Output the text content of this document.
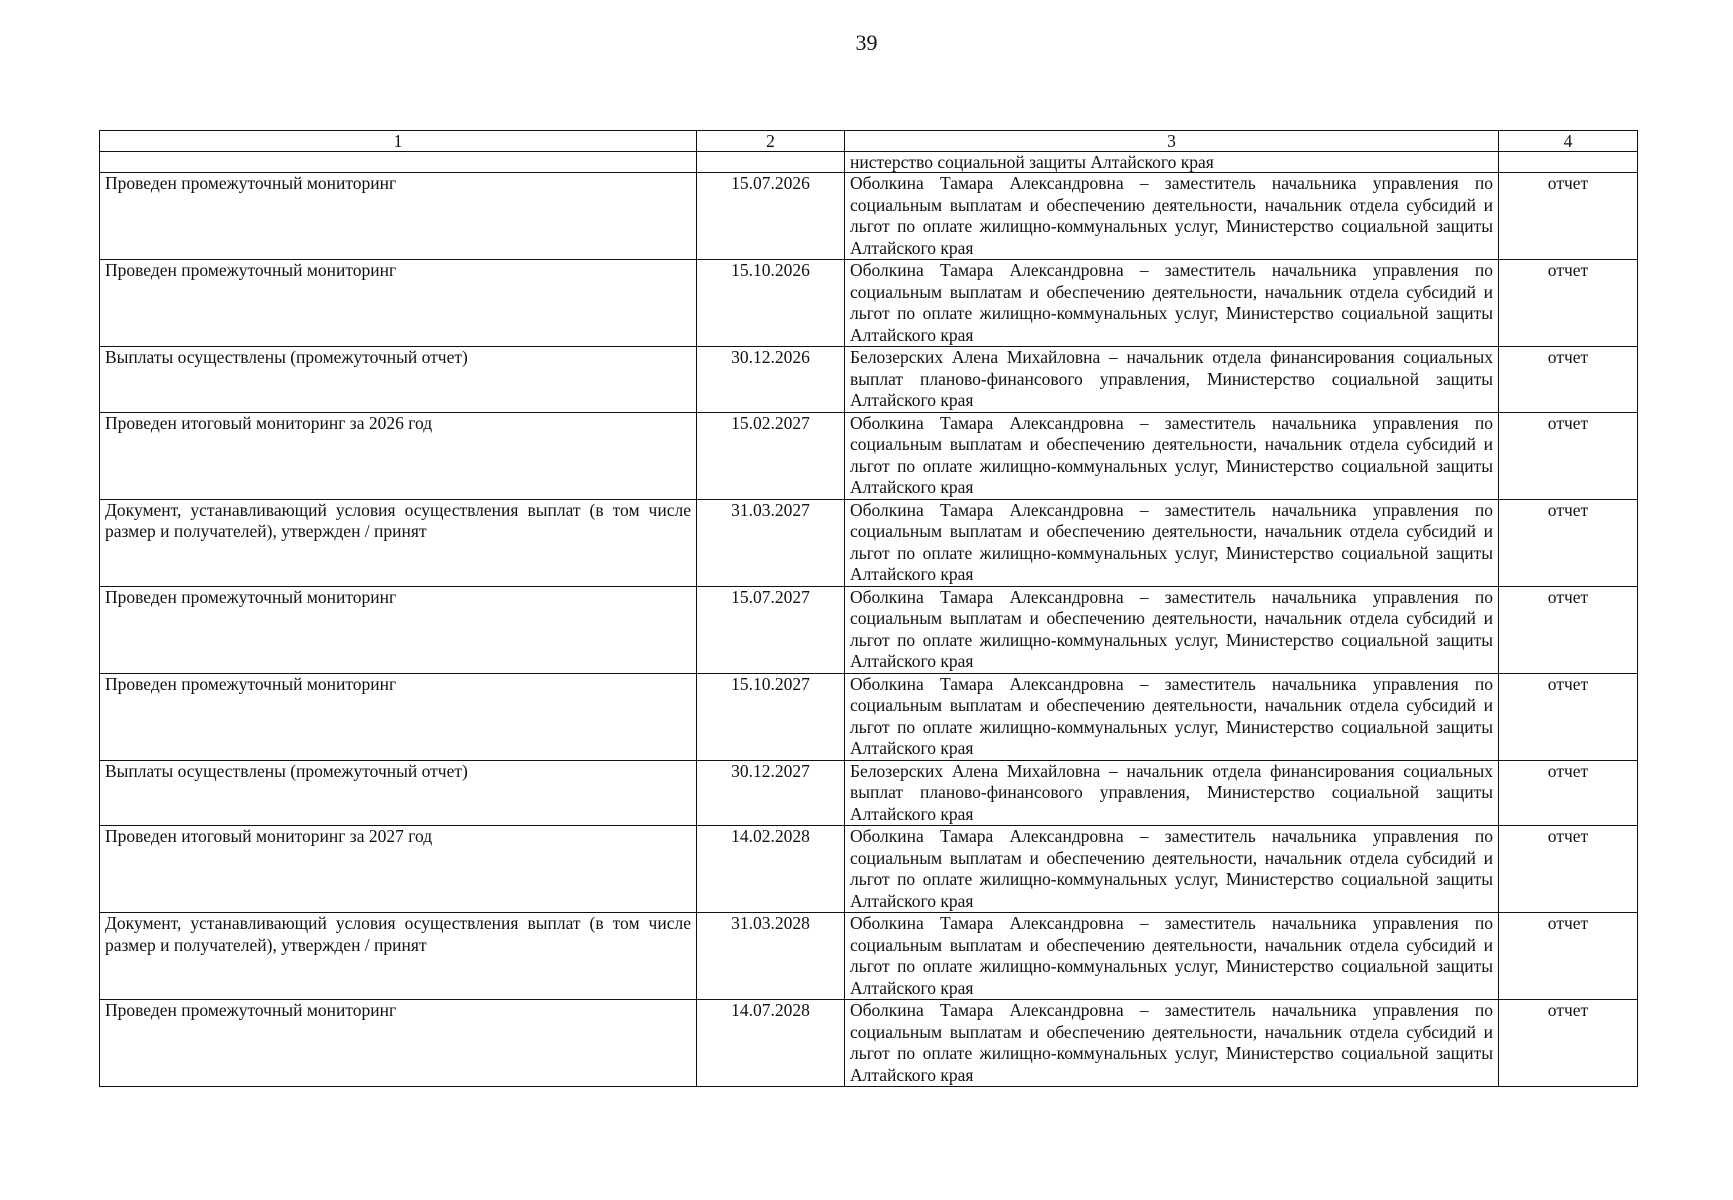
39
1	2	3	4
		нистерство социальной защиты Алтайского края	
Проведен промежуточный мониторинг	15.07.2026	Оболкина Тамара Александровна – заместитель начальника управления по социальным выплатам и обеспечению деятельности, начальник отдела субсидий и льгот по оплате жилищно-коммунальных услуг, Министерство социальной защиты Алтайского края	отчет
Проведен промежуточный мониторинг	15.10.2026	Оболкина Тамара Александровна – заместитель начальника управления по социальным выплатам и обеспечению деятельности, начальник отдела субсидий и льгот по оплате жилищно-коммунальных услуг, Министерство социальной защиты Алтайского края	отчет
Выплаты осуществлены (промежуточный отчет)	30.12.2026	Белозерских Алена Михайловна – начальник отдела финансирования социальных выплат планово-финансового управления, Министерство социальной защиты Алтайского края	отчет
Проведен итоговый мониторинг за 2026 год	15.02.2027	Оболкина Тамара Александровна – заместитель начальника управления по социальным выплатам и обеспечению деятельности, начальник отдела субсидий и льгот по оплате жилищно-коммунальных услуг, Министерство социальной защиты Алтайского края	отчет
Документ, устанавливающий условия осуществления выплат (в том числе размер и получателей), утвержден / принят	31.03.2027	Оболкина Тамара Александровна – заместитель начальника управления по социальным выплатам и обеспечению деятельности, начальник отдела субсидий и льгот по оплате жилищно-коммунальных услуг, Министерство социальной защиты Алтайского края	отчет
Проведен промежуточный мониторинг	15.07.2027	Оболкина Тамара Александровна – заместитель начальника управления по социальным выплатам и обеспечению деятельности, начальник отдела субсидий и льгот по оплате жилищно-коммунальных услуг, Министерство социальной защиты Алтайского края	отчет
Проведен промежуточный мониторинг	15.10.2027	Оболкина Тамара Александровна – заместитель начальника управления по социальным выплатам и обеспечению деятельности, начальник отдела субсидий и льгот по оплате жилищно-коммунальных услуг, Министерство социальной защиты Алтайского края	отчет
Выплаты осуществлены (промежуточный отчет)	30.12.2027	Белозерских Алена Михайловна – начальник отдела финансирования социальных выплат планово-финансового управления, Министерство социальной защиты Алтайского края	отчет
Проведен итоговый мониторинг за 2027 год	14.02.2028	Оболкина Тамара Александровна – заместитель начальника управления по социальным выплатам и обеспечению деятельности, начальник отдела субсидий и льгот по оплате жилищно-коммунальных услуг, Министерство социальной защиты Алтайского края	отчет
Документ, устанавливающий условия осуществления выплат (в том числе размер и получателей), утвержден / принят	31.03.2028	Оболкина Тамара Александровна – заместитель начальника управления по социальным выплатам и обеспечению деятельности, начальник отдела субсидий и льгот по оплате жилищно-коммунальных услуг, Министерство социальной защиты Алтайского края	отчет
Проведен промежуточный мониторинг	14.07.2028	Оболкина Тамара Александровна – заместитель начальника управления по социальным выплатам и обеспечению деятельности, начальник отдела субсидий и льгот по оплате жилищно-коммунальных услуг, Министерство социальной защиты Алтайского края	отчет
